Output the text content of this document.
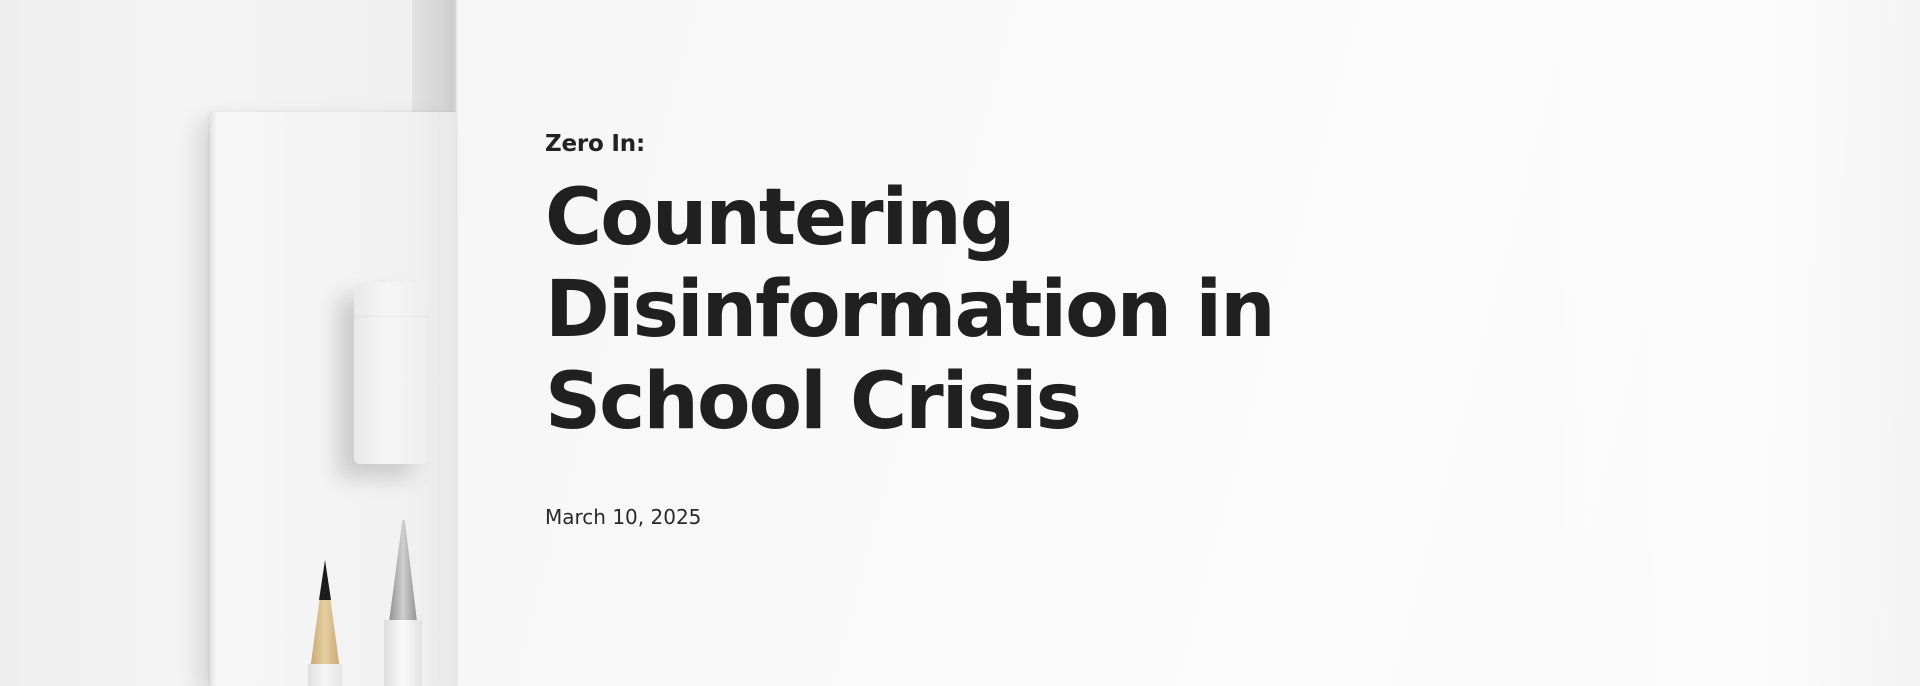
Zero In:
Countering Disinformation in School Crisis
March 10, 2025
